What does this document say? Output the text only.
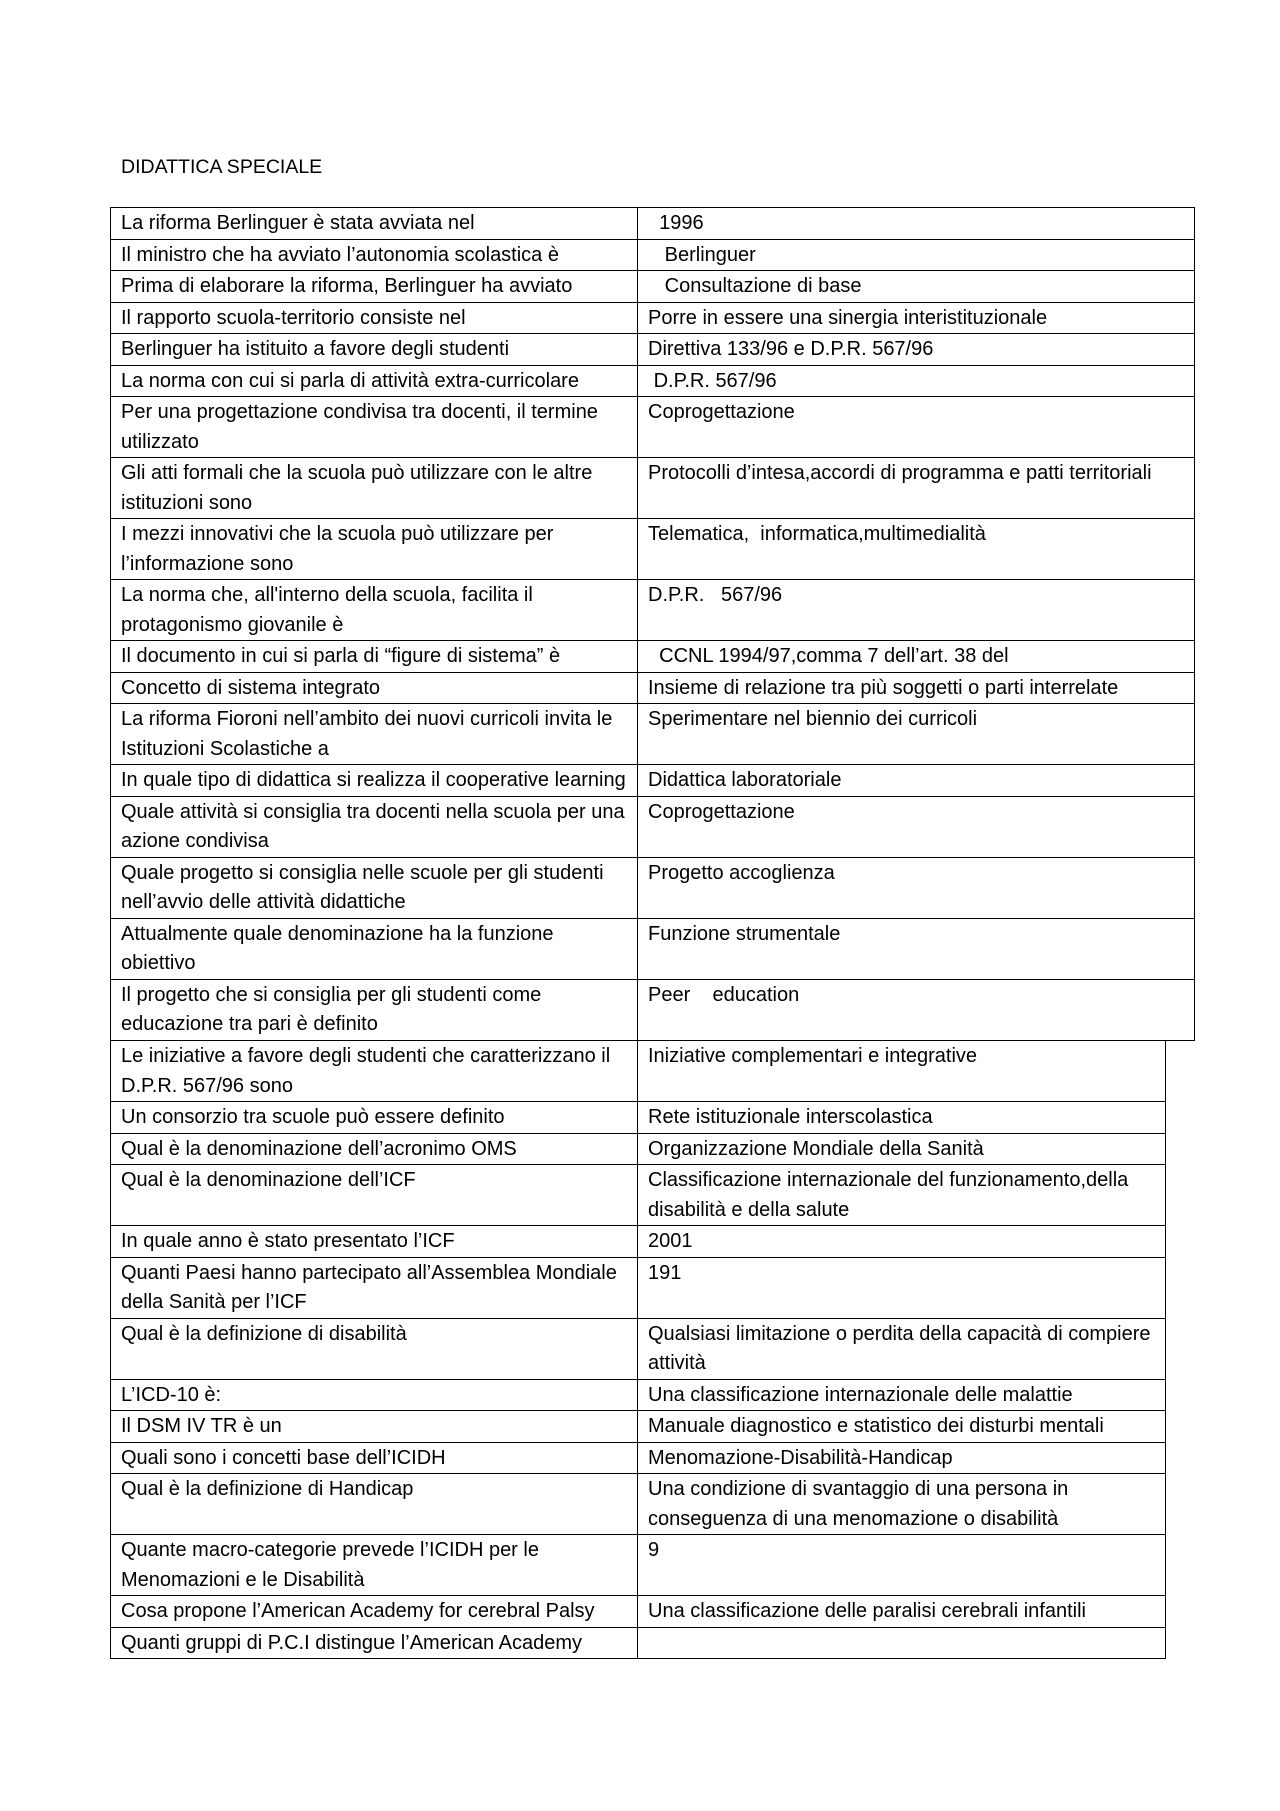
DIDATTICA SPECIALE
La riforma Berlinguer è stata avviata nel	1996
Il ministro che ha avviato l’autonomia scolastica è	Berlinguer
Prima di elaborare la riforma, Berlinguer ha avviato	Consultazione di base
Il rapporto scuola-territorio consiste nel	Porre in essere una sinergia interistituzionale
Berlinguer ha istituito a favore degli studenti	Direttiva 133/96 e D.P.R. 567/96
La norma con cui si parla di attività extra-curricolare	D.P.R. 567/96
Per una progettazione condivisa tra docenti, il termine utilizzato	Coprogettazione
Gli atti formali che la scuola può utilizzare con le altre istituzioni sono	Protocolli d’intesa,accordi di programma e patti territoriali
I mezzi innovativi che la scuola può utilizzare per l’informazione sono	Telematica,  informatica,multimedialità
La norma che, all'interno della scuola, facilita il protagonismo giovanile è	D.P.R.   567/96
Il documento in cui si parla di “figure di sistema” è	CCNL 1994/97,comma 7 dell’art. 38 del
Concetto di sistema integrato	Insieme di relazione tra più soggetti o parti interrelate
La riforma Fioroni nell’ambito dei nuovi curricoli invita le Istituzioni Scolastiche a	Sperimentare nel biennio dei curricoli
In quale tipo di didattica si realizza il cooperative learning	Didattica laboratoriale
Quale attività si consiglia tra docenti nella scuola per una azione condivisa	Coprogettazione
Quale progetto si consiglia nelle scuole per gli studenti nell’avvio delle attività didattiche	Progetto accoglienza
Attualmente quale denominazione ha la funzione obiettivo	Funzione strumentale
Il progetto che si consiglia per gli studenti come educazione tra pari è definito	Peer    education
Le iniziative a favore degli studenti che caratterizzano il D.P.R. 567/96 sono	Iniziative complementari e integrative
Un consorzio tra scuole può essere definito	Rete istituzionale interscolastica
Qual è la denominazione dell’acronimo OMS	Organizzazione Mondiale della Sanità
Qual è la denominazione dell’ICF	Classificazione internazionale del funzionamento,della disabilità e della salute
In quale anno è stato presentato l’ICF	2001
Quanti Paesi hanno partecipato all’Assemblea Mondiale della Sanità per l’ICF	191
Qual è la definizione di disabilità	Qualsiasi limitazione o perdita della capacità di compiere attività
L’ICD-10 è:	Una classificazione internazionale delle malattie
Il DSM IV TR è un	Manuale diagnostico e statistico dei disturbi mentali
Quali sono i concetti base dell’ICIDH	Menomazione-Disabilità-Handicap
Qual è la definizione di Handicap	Una condizione di svantaggio di una persona in conseguenza di una menomazione o disabilità
Quante macro-categorie prevede l’ICIDH per le Menomazioni e le Disabilità	9
Cosa propone l’American Academy for cerebral Palsy	Una classificazione delle paralisi cerebrali infantili
Quanti gruppi di P.C.I distingue l’American Academy	
